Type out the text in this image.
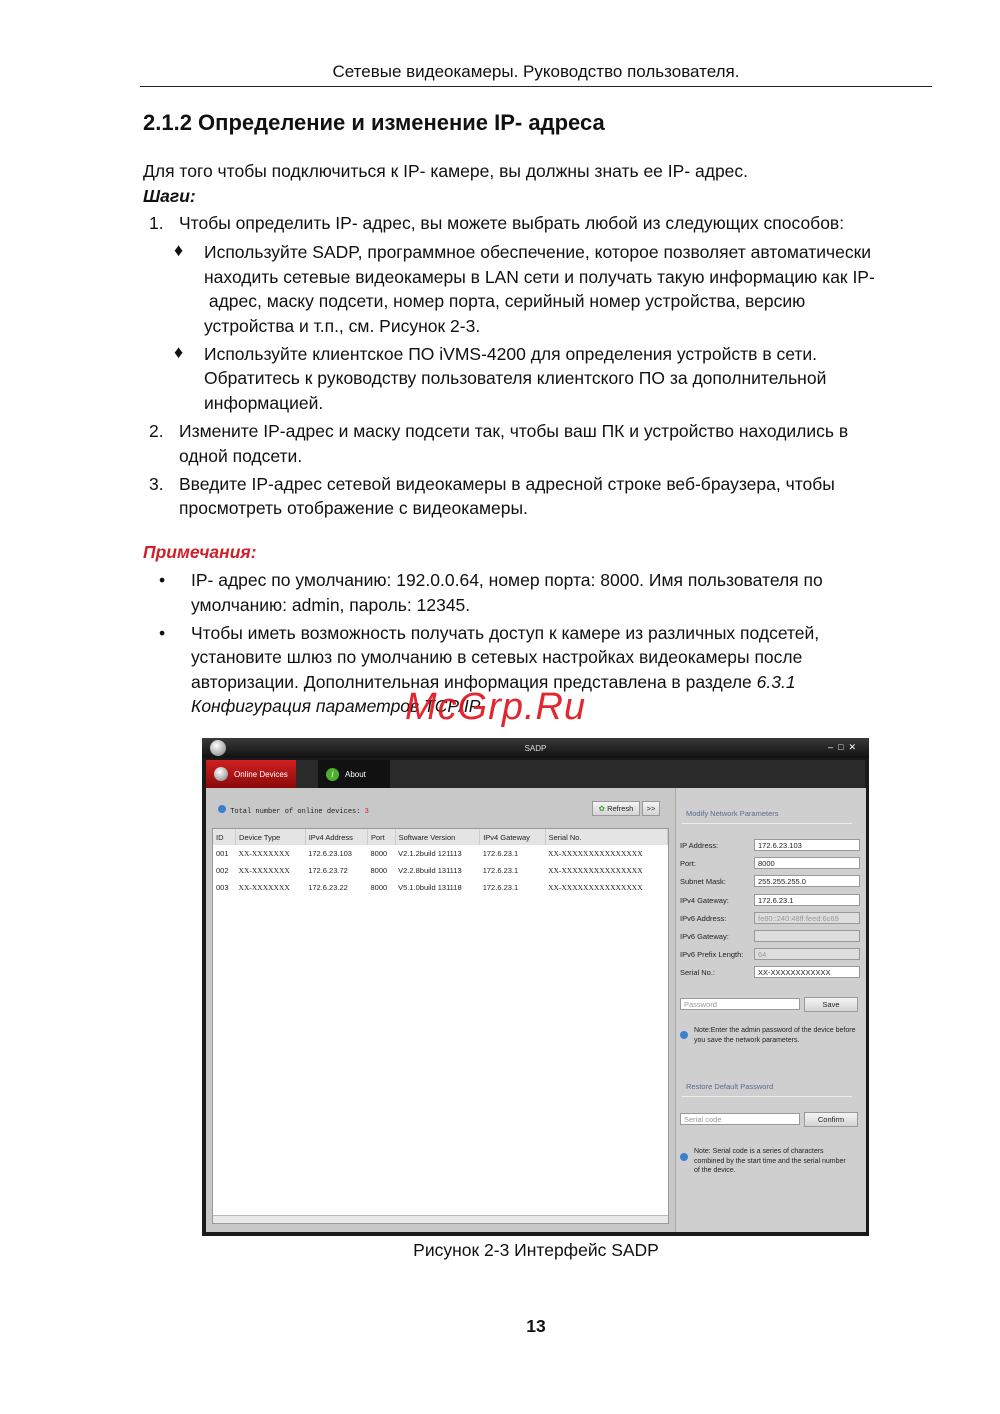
Сетевые видеокамеры. Руководство пользователя.
2.1.2 Определение и изменение IP- адреса
Для того чтобы подключиться к IP- камере, вы должны знать ее IP- адрес.
Шаги:
1. Чтобы определить IP- адрес, вы можете выбрать любой из следующих способов:
♦ Используйте SADP, программное обеспечение, которое позволяет автоматически
находить сетевые видеокамеры в LAN сети и получать такую информацию как IP-
адрес, маску подсети, номер порта, серийный номер устройства, версию
устройства и т.п., см. Рисунок 2-3.
♦ Используйте клиентское ПО iVMS-4200 для определения устройств в сети.
Обратитесь к руководству пользователя клиентского ПО за дополнительной
информацией.
2. Измените IP-адрес и маску подсети так, чтобы ваш ПК и устройство находились в
одной подсети.
3. Введите IP-адрес сетевой видеокамеры в адресной строке веб-браузера, чтобы
просмотреть отображение с видеокамеры.
Примечания:
• IP- адрес по умолчанию: 192.0.0.64, номер порта: 8000. Имя пользователя по
умолчанию: admin, пароль: 12345.
• Чтобы иметь возможность получать доступ к камере из различных подсетей,
установите шлюз по умолчанию в сетевых настройках видеокамеры после
авторизации. Дополнительная информация представлена в разделе 6.3.1
Конфигурация параметров TCP/IP
McGrp.Ru
SADP	–□✕
Online Devices	i	About
Total number of online devices: 3	✿ Refresh	>>
ID	Device Type	IPv4 Address	Port	Software Version	IPv4 Gateway	Serial No.
001	XX-XXXXXXX	172.6.23.103	8000	V2.1.2build 121113	172.6.23.1	XX-XXXXXXXXXXXXXXX
002	XX-XXXXXXX	172.6.23.72	8000	V2.2.8build 131113	172.6.23.1	XX-XXXXXXXXXXXXXXX
003	XX-XXXXXXX	172.6.23.22	8000	V5.1.0build 131118	172.6.23.1	XX-XXXXXXXXXXXXXXX
Modify Network Parameters
IP Address:	172.6.23.103
Port:	8000
Subnet Mask:	255.255.255.0
IPv4 Gateway:	172.6.23.1
IPv6 Address:	fe80::240:48ff:feed:6c69
IPv6 Gateway:
IPv6 Prefix Length:	64
Serial No.:	XX-XXXXXXXXXXXX
Password	Save
Note:Enter the admin password of the device before you save the network parameters.
Restore Default Password
Serial code	Confirm
Note: Serial code is a series of characters combined by the start time and the serial number of the device.
Рисунок 2-3 Интерфейс SADP
13
